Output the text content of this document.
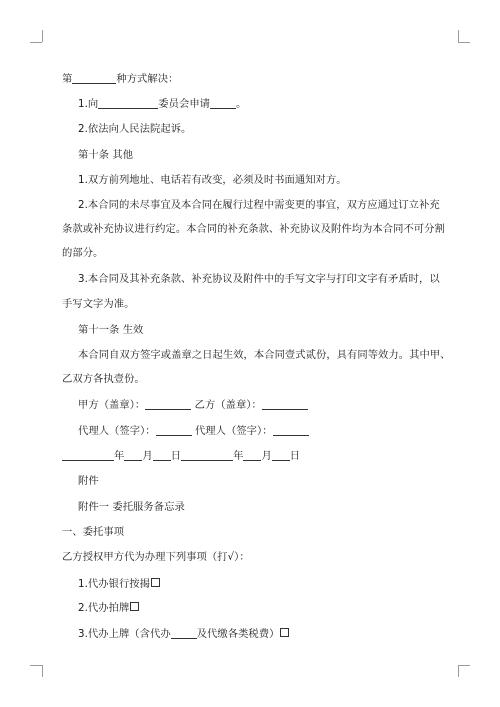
第	种方式解决：
1.向	委员会申请	。
2.依法向人民法院起诉。
第十条 其他
1.双方前列地址、电话若有改变，必须及时书面通知对方。
2.本合同的未尽事宜及本合同在履行过程中需变更的事宜，双方应通过订立补充
条款或补充协议进行约定。本合同的补充条款、补充协议及附件均为本合同不可分割
的部分。
3.本合同及其补充条款、补充协议及附件中的手写文字与打印文字有矛盾时，以
手写文字为准。
第十一条 生效
本合同自双方签字或盖章之日起生效，本合同壹式贰份，具有同等效力。其中甲、
乙双方各执壹份。
甲方（盖章）：	乙方（盖章）：
代理人（签字）：	代理人（签字）：
年 月 日	年 月 日
附件
附件一 委托服务备忘录
一、委托事项
乙方授权甲方代为办理下列事项（打√）：
1.代办银行按揭
2.代办拍牌
3.代办上牌（含代办	及代缴各类税费）
